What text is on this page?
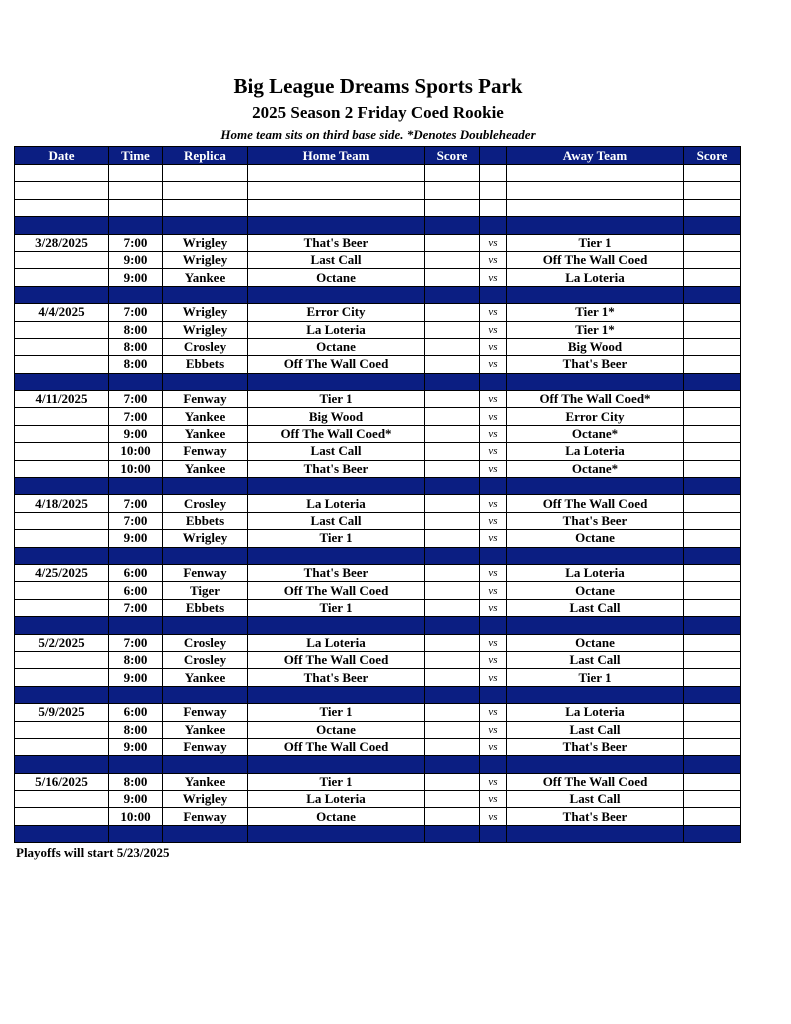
Big League Dreams Sports Park
2025 Season 2 Friday Coed Rookie
Home team sits on third base side. *Denotes Doubleheader
Date	Time	Replica	Home Team	Score		Away Team	Score

3/28/2025	7:00	Wrigley	That's Beer		vs	Tier 1	
	9:00	Wrigley	Last Call		vs	Off The Wall Coed	
	9:00	Yankee	Octane		vs	La Loteria	

4/4/2025	7:00	Wrigley	Error City		vs	Tier 1*	
	8:00	Wrigley	La Loteria		vs	Tier 1*	
	8:00	Crosley	Octane		vs	Big Wood	
	8:00	Ebbets	Off The Wall Coed		vs	That's Beer	

4/11/2025	7:00	Fenway	Tier 1		vs	Off The Wall Coed*	
	7:00	Yankee	Big Wood		vs	Error City	
	9:00	Yankee	Off The Wall Coed*		vs	Octane*	
	10:00	Fenway	Last Call		vs	La Loteria	
	10:00	Yankee	That's Beer		vs	Octane*	

4/18/2025	7:00	Crosley	La Loteria		vs	Off The Wall Coed	
	7:00	Ebbets	Last Call		vs	That's Beer	
	9:00	Wrigley	Tier 1		vs	Octane	

4/25/2025	6:00	Fenway	That's Beer		vs	La Loteria	
	6:00	Tiger	Off The Wall Coed		vs	Octane	
	7:00	Ebbets	Tier 1		vs	Last Call	

5/2/2025	7:00	Crosley	La Loteria		vs	Octane	
	8:00	Crosley	Off The Wall Coed		vs	Last Call	
	9:00	Yankee	That's Beer		vs	Tier 1	

5/9/2025	6:00	Fenway	Tier 1		vs	La Loteria	
	8:00	Yankee	Octane		vs	Last Call	
	9:00	Fenway	Off The Wall Coed		vs	That's Beer	

5/16/2025	8:00	Yankee	Tier 1		vs	Off The Wall Coed	
	9:00	Wrigley	La Loteria		vs	Last Call	
	10:00	Fenway	Octane		vs	That's Beer	

Playoffs will start 5/23/2025
